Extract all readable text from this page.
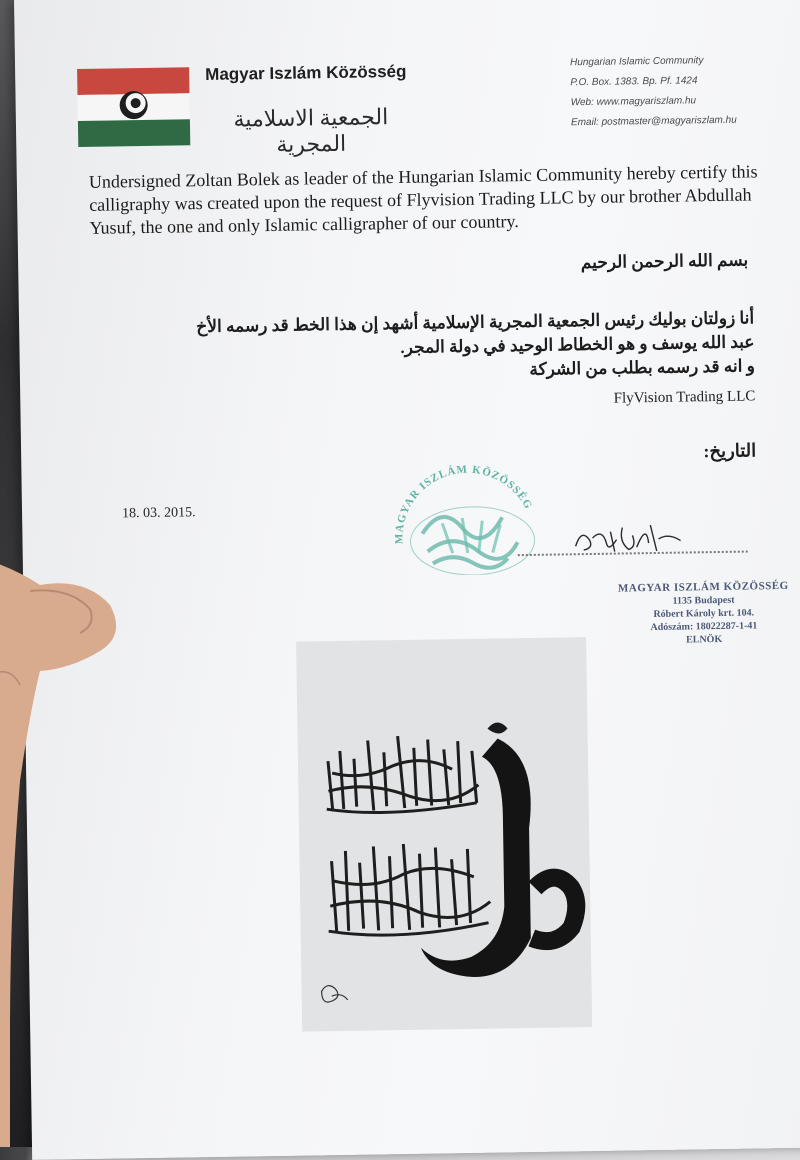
Magyar Iszlám Közösség
الجمعية الاسلامية المجرية
Hungarian Islamic Community
P.O. Box. 1383. Bp. Pf. 1424
Web: www.magyariszlam.hu
Email: postmaster@magyariszlam.hu
Undersigned Zoltan Bolek as leader of the Hungarian Islamic Community hereby certify this calligraphy was created upon the request of Flyvision Trading LLC by our brother Abdullah Yusuf, the one and only Islamic calligrapher of our country.
بسم الله الرحمن الرحيم
أنا زولتان بوليك رئيس الجمعية المجرية الإسلامية أشهد إن هذا الخط قد رسمه الأخ
عبد الله يوسف و هو الخطاط الوحيد في دولة المجر.
و انه قد رسمه بطلب من الشركة
FlyVision Trading LLC
التاريخ:
18. 03. 2015.
MAGYAR ISZLÁM KÖZÖSSÉG
MAGYAR ISZLÁM KÖZÖSSÉG
1135 Budapest
Róbert Károly krt. 104.
Adószám: 18022287-1-41
ELNÖK
